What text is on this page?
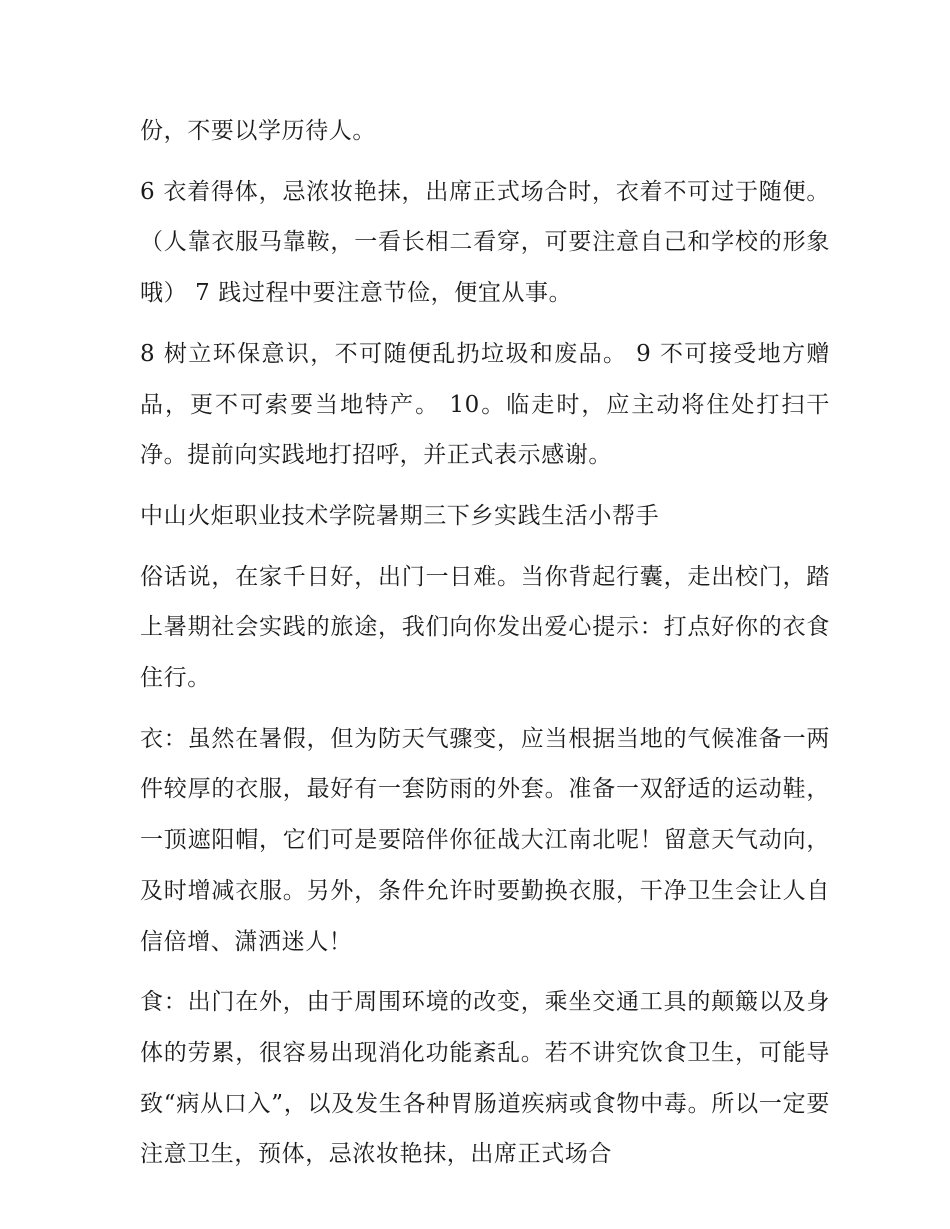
份，不要以学历待人。

6 衣着得体，忌浓妆艳抹，出席正式场合时，衣着不可过于随便。（人靠衣服马靠鞍，一看长相二看穿，可要注意自己和学校的形象哦） 7 践过程中要注意节俭，便宜从事。

8 树立环保意识，不可随便乱扔垃圾和废品。 9 不可接受地方赠品，更不可索要当地特产。 10。临走时，应主动将住处打扫干净。提前向实践地打招呼，并正式表示感谢。

中山火炬职业技术学院暑期三下乡实践生活小帮手

俗话说，在家千日好，出门一日难。当你背起行囊，走出校门，踏上暑期社会实践的旅途，我们向你发出爱心提示：打点好你的衣食住行。

衣：虽然在暑假，但为防天气骤变，应当根据当地的气候准备一两件较厚的衣服，最好有一套防雨的外套。准备一双舒适的运动鞋，一顶遮阳帽，它们可是要陪伴你征战大江南北呢！留意天气动向，及时增减衣服。另外，条件允许时要勤换衣服，干净卫生会让人自信倍增、潇洒迷人！

食：出门在外，由于周围环境的改变，乘坐交通工具的颠簸以及身体的劳累，很容易出现消化功能紊乱。若不讲究饮食卫生，可能导致“病从口入”，以及发生各种胃肠道疾病或食物中毒。所以一定要注意卫生，预体，忌浓妆艳抹，出席正式场合
